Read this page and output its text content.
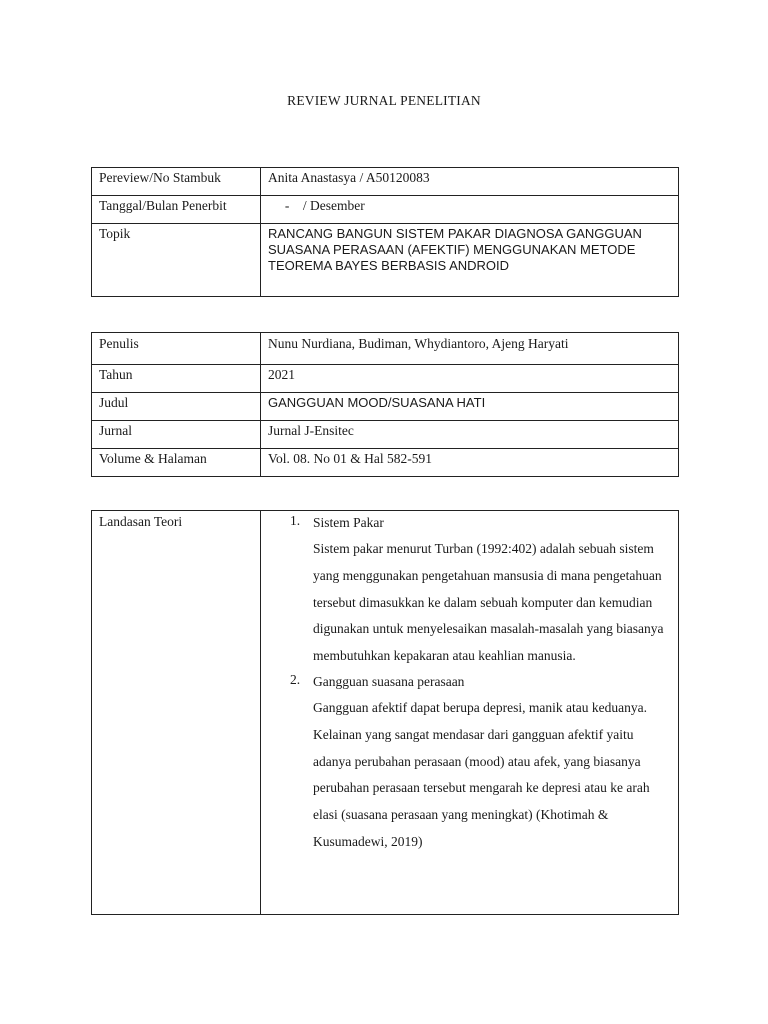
REVIEW JURNAL PENELITIAN
Pereview/No Stambuk	Anita Anastasya / A50120083
Tanggal/Bulan Penerbit	-    / Desember
Topik	RANCANG BANGUN SISTEM PAKAR DIAGNOSA GANGGUAN SUASANA PERASAAN (AFEKTIF) MENGGUNAKAN METODE TEOREMA BAYES BERBASIS ANDROID
Penulis	Nunu Nurdiana, Budiman, Whydiantoro, Ajeng Haryati
Tahun	2021
Judul	GANGGUAN MOOD/SUASANA HATI
Jurnal	Jurnal J-Ensitec
Volume & Halaman	Vol. 08. No 01 & Hal 582-591
Landasan Teori	1. Sistem Pakar
Sistem pakar menurut Turban (1992:402) adalah sebuah sistem yang menggunakan pengetahuan mansusia di mana pengetahuan tersebut dimasukkan ke dalam sebuah komputer dan kemudian digunakan untuk menyelesaikan masalah-masalah yang biasanya membutuhkan kepakaran atau keahlian manusia.
2. Gangguan suasana perasaan
Gangguan afektif dapat berupa depresi, manik atau keduanya. Kelainan yang sangat mendasar dari gangguan afektif yaitu adanya perubahan perasaan (mood) atau afek, yang biasanya perubahan perasaan tersebut mengarah ke depresi atau ke arah elasi (suasana perasaan yang meningkat) (Khotimah & Kusumadewi, 2019)
